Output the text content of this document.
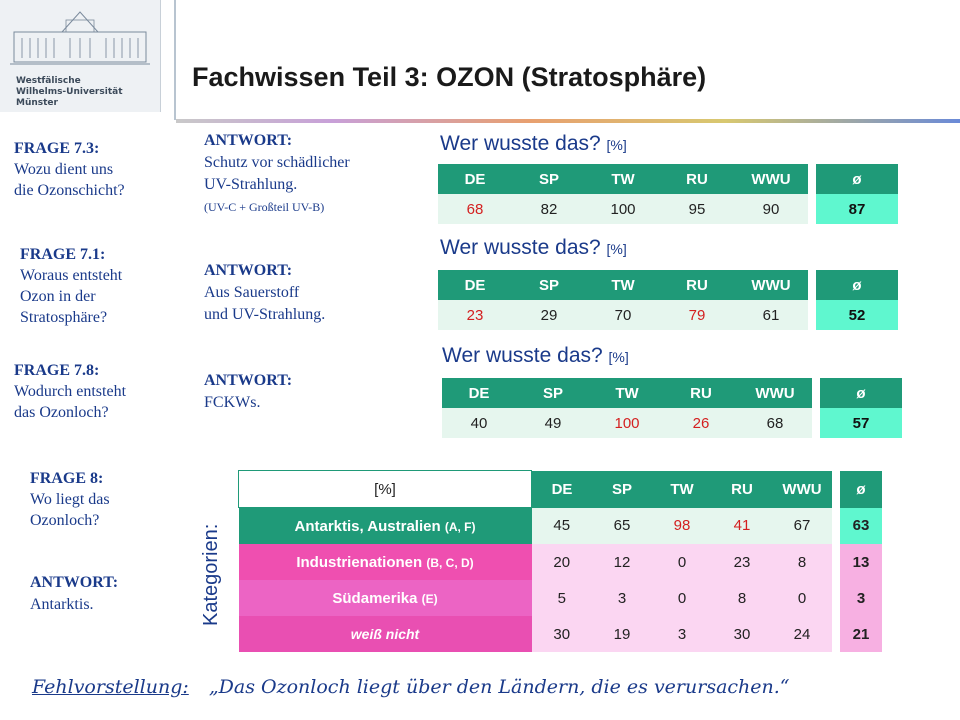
Westfälische
Wilhelms-Universität
Münster
Fachwissen Teil 3: OZON (Stratosphäre)
FRAGE 7.3:
Wozu dient uns
die Ozonschicht?
FRAGE 7.1:
Woraus entsteht
Ozon in der
Stratosphäre?
FRAGE 7.8:
Wodurch entsteht
das Ozonloch?
FRAGE 8:
Wo liegt das
Ozonloch?
ANTWORT:
Schutz vor schädlicher
UV-Strahlung.
(UV-C + Großteil UV-B)
ANTWORT:
Aus Sauerstoff
und UV-Strahlung.
ANTWORT:
FCKWs.
ANTWORT:
Antarktis.
Wer wusste das? [%]
DE	SP	TW	RU	WWU		ø
68	82	100	95	90		87
Wer wusste das? [%]
DE	SP	TW	RU	WWU		ø
23	29	70	79	61		52
Wer wusste das? [%]
DE	SP	TW	RU	WWU		ø
40	49	100	26	68		57
Kategorien:
[%]	DE	SP	TW	RU	WWU		ø
Antarktis, Australien (A, F)	45	65	98	41	67		63
Industrienationen (B, C, D)	20	12	0	23	8		13
Südamerika (E)	5	3	0	8	0		3
weiß nicht	30	19	3	30	24		21
Fehlvorstellung: „Das Ozonloch liegt über den Ländern, die es verursachen.“
